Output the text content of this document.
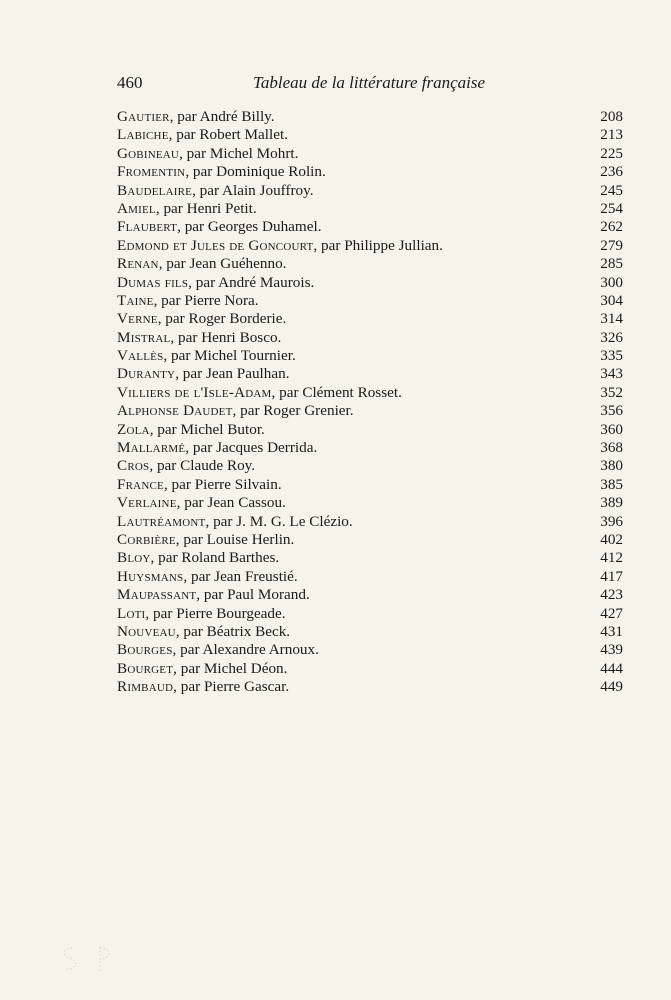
460	Tableau de la littérature française
Gautier, par André Billy.	208
Labiche, par Robert Mallet.	213
Gobineau, par Michel Mohrt.	225
Fromentin, par Dominique Rolin.	236
Baudelaire, par Alain Jouffroy.	245
Amiel, par Henri Petit.	254
Flaubert, par Georges Duhamel.	262
Edmond et Jules de Goncourt, par Philippe Jullian.	279
Renan, par Jean Guéhenno.	285
Dumas fils, par André Maurois.	300
Taine, par Pierre Nora.	304
Verne, par Roger Borderie.	314
Mistral, par Henri Bosco.	326
Vallès, par Michel Tournier.	335
Duranty, par Jean Paulhan.	343
Villiers de l'Isle-Adam, par Clément Rosset.	352
Alphonse Daudet, par Roger Grenier.	356
Zola, par Michel Butor.	360
Mallarmé, par Jacques Derrida.	368
Cros, par Claude Roy.	380
France, par Pierre Silvain.	385
Verlaine, par Jean Cassou.	389
Lautréamont, par J. M. G. Le Clézio.	396
Corbière, par Louise Herlin.	402
Bloy, par Roland Barthes.	412
Huysmans, par Jean Freustié.	417
Maupassant, par Paul Morand.	423
Loti, par Pierre Bourgeade.	427
Nouveau, par Béatrix Beck.	431
Bourges, par Alexandre Arnoux.	439
Bourget, par Michel Déon.	444
Rimbaud, par Pierre Gascar.	449
